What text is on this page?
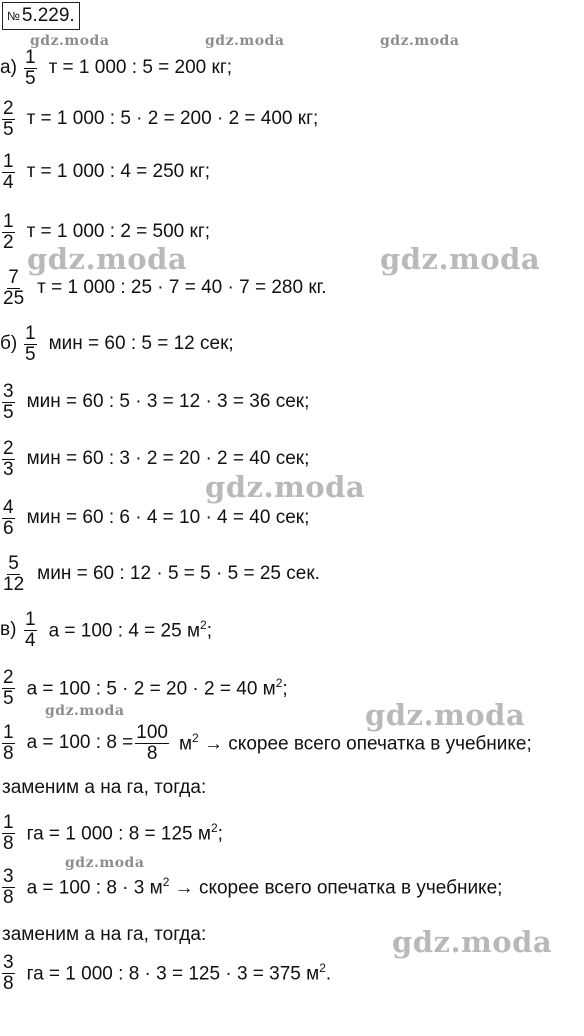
№ 5.229.
gdz.moda	gdz.moda	gdz.moda
gdz.moda	gdz.moda
gdz.moda
gdz.moda	gdz.moda
gdz.moda
gdz.moda
$а) \frac{1}{5}$ т = 1 000 : 5 = 200 кг;
$\frac{2}{5}$ т = 1 000 : 5 · 2 = 200 · 2 = 400 кг;
$\frac{1}{4}$ т = 1 000 : 4 = 250 кг;
$\frac{1}{2}$ т = 1 000 : 2 = 500 кг;
$\frac{7}{25}$ т = 1 000 : 25 · 7 = 40 · 7 = 280 кг.
$б) \frac{1}{5}$ мин = 60 : 5 = 12 сек;
$\frac{3}{5}$ мин = 60 : 5 · 3 = 12 · 3 = 36 сек;
$\frac{2}{3}$ мин = 60 : 3 · 2 = 20 · 2 = 40 сек;
$\frac{4}{6}$ мин = 60 : 6 · 4 = 10 · 4 = 40 сек;
$\frac{5}{12}$ мин = 60 : 12 · 5 = 5 · 5 = 25 сек.
$в) \frac{1}{4}$ а = 100 : 4 = 25 $м^2$;
$\frac{2}{5}$ а = 100 : 5 · 2 = 20 · 2 = 40 $м^2$;
$\frac{1}{8}$ а = 100 : $8 = \frac{100}{8} м^2$ → скорее всего опечатка в учебнике;
заменим а на га, тогда:
$\frac{1}{8}$ га = 1 000 : 8 = 125 $м^2$;
$\frac{3}{8}$ а = 100 : 8 · 3 $м^2$ → скорее всего опечатка в учебнике;
заменим а на га, тогда:
$\frac{3}{8}$ га = 1 000 : 8 · 3 = 125 · 3 = 375 $м^2$.
